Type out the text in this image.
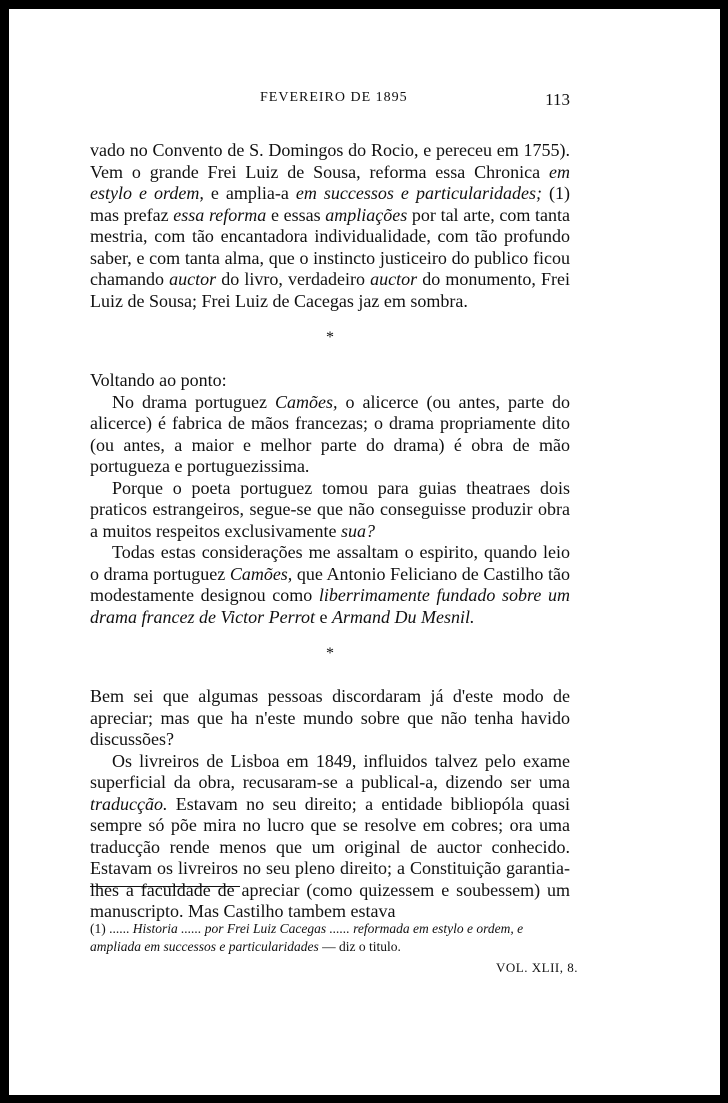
FEVEREIRO DE 1895	113

vado no Convento de S. Domingos do Rocio, e pereceu em 1755). Vem o grande Frei Luiz de Sousa, reforma essa Chronica em estylo e ordem, e amplia-a em successos e particularidades; (1) mas prefaz essa reforma e essas ampliações por tal arte, com tanta mestria, com tão encantadora individualidade, com tão profundo saber, e com tanta alma, que o instincto justiceiro do publico ficou chamando auctor do livro, verdadeiro auctor do monumento, Frei Luiz de Sousa; Frei Luiz de Cacegas jaz em sombra.

*

Voltando ao ponto:

No drama portuguez Camões, o alicerce (ou antes, parte do alicerce) é fabrica de mãos francezas; o drama propriamente dito (ou antes, a maior e melhor parte do drama) é obra de mão portugueza e portuguezissima.

Porque o poeta portuguez tomou para guias theatraes dois praticos estrangeiros, segue-se que não conseguisse produzir obra a muitos respeitos exclusivamente sua?

Todas estas considerações me assaltam o espirito, quando leio o drama portuguez Camões, que Antonio Feliciano de Castilho tão modestamente designou como liberrimamente fundado sobre um drama francez de Victor Perrot e Armand Du Mesnil.

*

Bem sei que algumas pessoas discordaram já d'este modo de apreciar; mas que ha n'este mundo sobre que não tenha havido discussões?

Os livreiros de Lisboa em 1849, influidos talvez pelo exame superficial da obra, recusaram-se a publical-a, dizendo ser uma traducção. Estavam no seu direito; a entidade bibliopóla quasi sempre só põe mira no lucro que se resolve em cobres; ora uma traducção rende menos que um original de auctor conhecido. Estavam os livreiros no seu pleno direito; a Constituição garantia-lhes a faculdade de apreciar (como quizessem e soubessem) um manuscripto. Mas Castilho tambem estava

(1) ...... Historia ...... por Frei Luiz Cacegas ...... reformada em estylo e ordem, e ampliada em successos e particularidades — diz o titulo.
VOL. XLII, 8.
